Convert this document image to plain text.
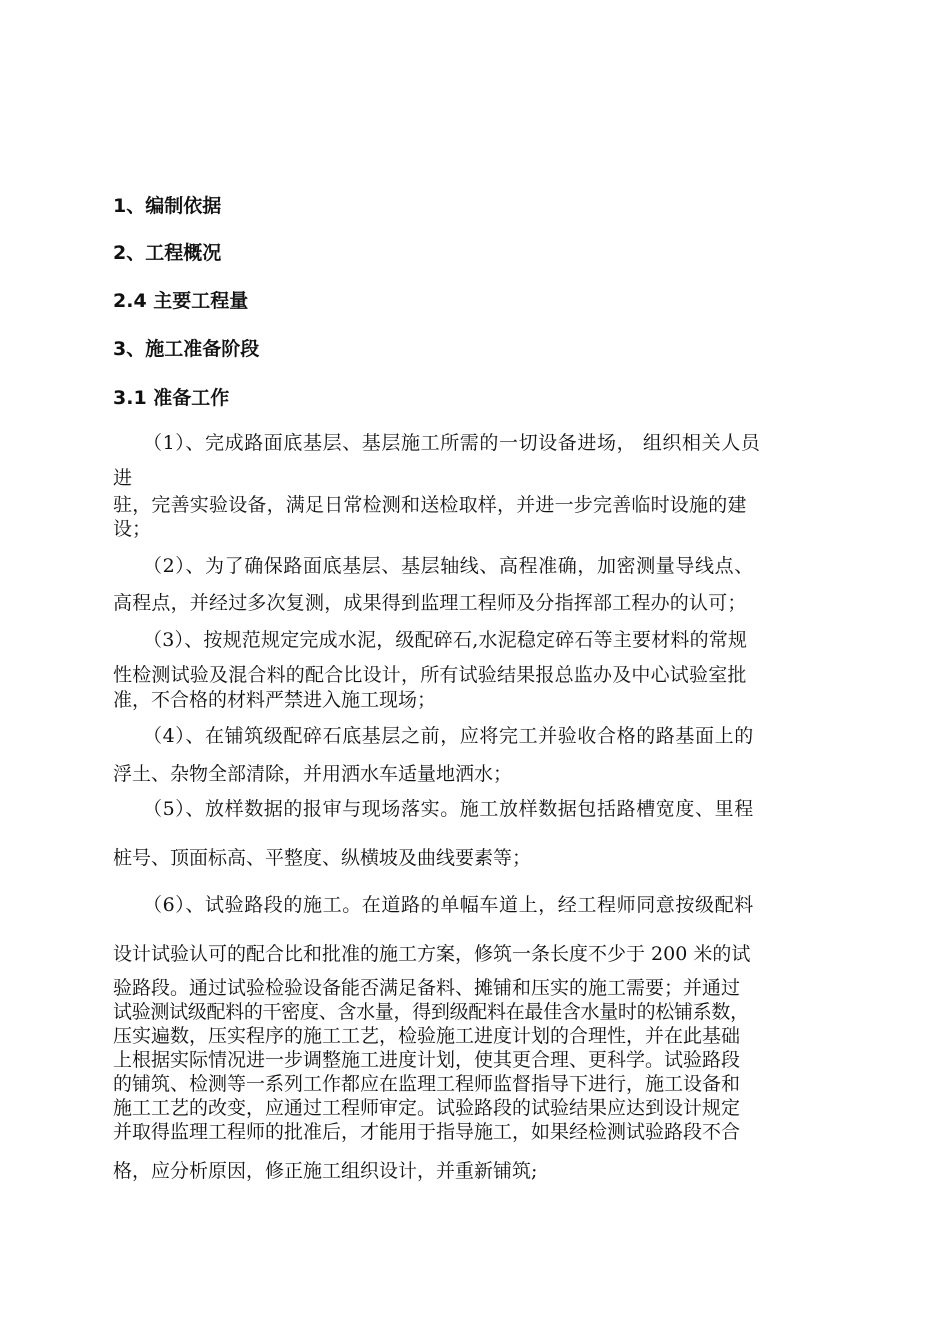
1、编制依据
2、工程概况
2.4 主要工程量
3、施工准备阶段
3.1 准备工作
（1）、完成路面底基层、基层施工所需的一切设备进场， 组织相关人员
进
驻，完善实验设备，满足日常检测和送检取样，并进一步完善临时设施的建
设；
（2）、为了确保路面底基层、基层轴线、高程准确，加密测量导线点、
高程点，并经过多次复测，成果得到监理工程师及分指挥部工程办的认可；
（3）、按规范规定完成水泥，级配碎石,水泥稳定碎石等主要材料的常规
性检测试验及混合料的配合比设计，所有试验结果报总监办及中心试验室批
准，不合格的材料严禁进入施工现场；
（4）、在铺筑级配碎石底基层之前，应将完工并验收合格的路基面上的
浮土、杂物全部清除，并用洒水车适量地洒水；
（5）、放样数据的报审与现场落实。施工放样数据包括路槽宽度、里程
桩号、顶面标高、平整度、纵横坡及曲线要素等；
（6）、试验路段的施工。在道路的单幅车道上，经工程师同意按级配料
设计试验认可的配合比和批准的施工方案，修筑一条长度不少于 200 米的试
验路段。通过试验检验设备能否满足备料、摊铺和压实的施工需要；并通过
试验测试级配料的干密度、含水量，得到级配料在最佳含水量时的松铺系数，
压实遍数，压实程序的施工工艺，检验施工进度计划的合理性，并在此基础
上根据实际情况进一步调整施工进度计划，使其更合理、更科学。试验路段
的铺筑、检测等一系列工作都应在监理工程师监督指导下进行，施工设备和
施工工艺的改变，应通过工程师审定。试验路段的试验结果应达到设计规定
并取得监理工程师的批准后，才能用于指导施工，如果经检测试验路段不合
格，应分析原因，修正施工组织设计，并重新铺筑;
